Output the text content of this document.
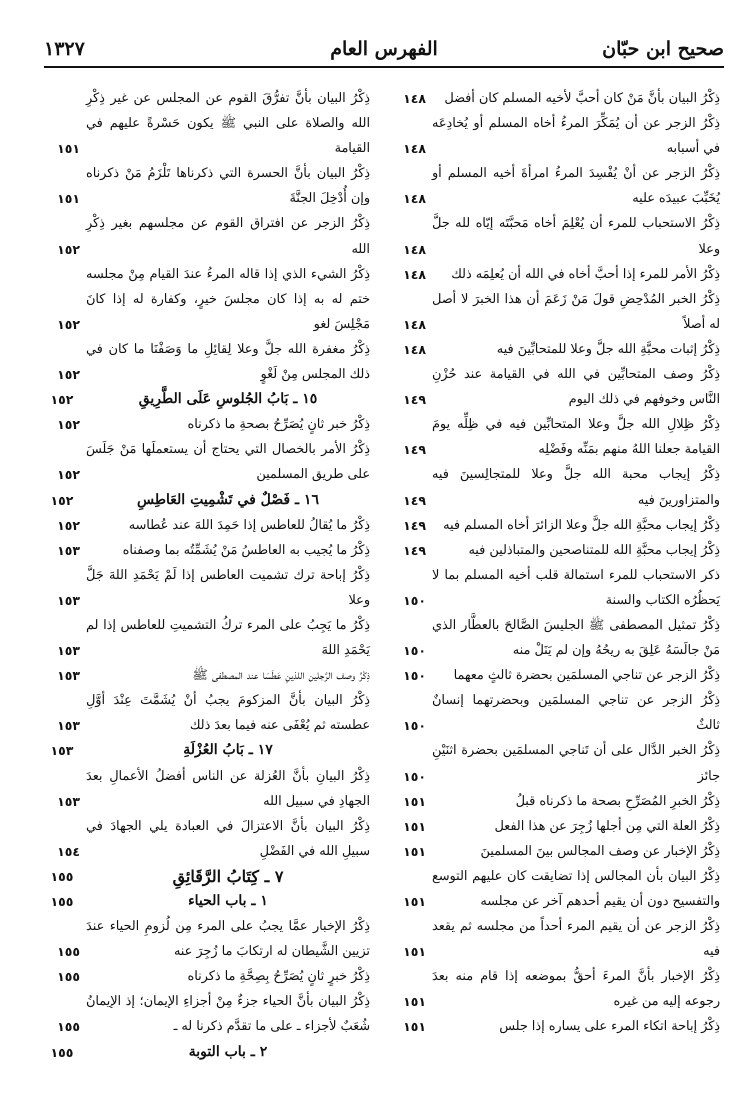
صحيح ابن حبّان
الفهرس العام
١٣٢٧
ذِكْرُ البيان بأنَّ مَنْ كان أحبَّ لأخيه المسلم كان أفضل
١٤٨
ذِكْرُ الزجر عن أن يُمَكِّرَ المرءُ أخاه المسلم أو يُخادِعَه في أسبابه
١٤٨
ذِكْرُ الزجر عن أنْ يُفْسِدَ المرءُ امرأةَ أخيه المسلم أو يُخَبِّبَ عبيدَه عليه
١٤٨
ذِكْرُ الاستحباب للمرء أن يُعْلِمَ أخاه مَحبَّتَه إيّاه لله جلَّ وعلا
١٤٨
ذِكْرُ الأمر للمرء إذا أحبَّ أخاه في الله أن يُعلِمَه ذلك
١٤٨
ذِكْرُ الخبر المُدْحِضِ قولَ مَنْ زَعَمَ أن هذا الخبرَ لا أصل له أصلاً
١٤٨
ذِكْرُ إثبات محبَّةِ الله جلَّ وعلا للمتحابِّينَ فيه
١٤٨
ذِكْرُ وصف المتحابِّين في الله في القيامة عند حُزْنِ النَّاس وخوفهم في ذلك اليوم
١٤٩
ذِكْرُ ظِلالِ الله جلَّ وعلا المتحابِّين فيه في ظِلِّه يومَ القيامة جعلنا اللهُ منهم بمَنِّه وفَضْلِه
١٤٩
ذِكْرُ إيجاب محبة الله جلَّ وعلا للمتجالِسينَ فيه والمتزاورينَ فيه
١٤٩
ذِكْرُ إيجاب محبَّةِ الله جلَّ وعلا الزائرَ أخاه المسلم فيه
١٤٩
ذِكْرُ إيجاب محبَّةِ الله للمتناصحين والمتباذلين فيه
١٤٩
ذكر الاستحباب للمرء استمالة قلب أخيه المسلم بما لا يَحظُرُه الكتاب والسنة
١٥٠
ذِكْرُ تمثيل المصطفى ﷺ الجليسَ الصَّالحَ بالعطَّار الذي مَنْ جالَسَهُ عَلِقَ به ريحُهُ وإن لم يَنَلْ منه
١٥٠
ذِكْرُ الزجر عن تناجي المسلمَين بحضرة ثالثٍ معهما
١٥٠
ذِكْرُ الزجر عن تناجي المسلمَين وبحضرتهما إنسانٌ ثالثٌ
١٥٠
ذِكْرُ الخبر الدَّال على أن تَناجي المسلمَين بحضرة اثنَيْنِ جائز
١٥٠
ذِكْرُ الخبرِ المُصَرِّحِ بصحة ما ذكرناه قبلُ
١٥١
ذِكْرُ العلة التي مِن أجلها زُجِرَ عن هذا الفعل
١٥١
ذِكْرُ الإخبار عن وصف المجالس بينَ المسلمينَ
١٥١
ذِكْرُ البيان بأن المجالس إذا تضايقت كان عليهم التوسع والتفسيح دون أن يقيم أحدهم آخر عن مجلسه
١٥١
ذِكْرُ الزجر عن أن يقيم المرء أحداً من مجلسه ثم يقعد فيه
١٥١
ذِكْرُ الإخبار بأنَّ المرءَ أحقُّ بموضعه إذا قام منه بعدَ رجوعه إليه من غيره
١٥١
ذِكْرُ إباحة اتكاء المرء على يساره إذا جلس
١٥١
ذِكْرُ البيان بأنَّ تفرُّقَ القوم عن المجلس عن غير ذِكْرِ الله والصلاة على النبي ﷺ يكون حَسْرةً عليهم في القيامة
١٥١
ذِكْرُ البيان بأنَّ الحسرة التي ذكرناها تَلْزَمُ مَنْ ذكرناه وإن أُدْخِلَ الجنَّةَ
١٥١
ذِكْرُ الزجر عن افتراق القوم عن مجلسهم بغير ذِكْرِ الله
١٥٢
ذِكْرُ الشيء الذي إذا قاله المرءُ عندَ القيام مِنْ مجلسه ختم له به إذا كان مجلسَ خيرٍ، وكفارة له إذا كانَ مَجْلِسَ لغو
١٥٢
ذِكْرُ مغفرة الله جلَّ وعلا لِقائِلِ ما وَصَفْنَا ما كان في ذلك المجلس مِنْ لَغْوٍ
١٥٢
١٥ ـ بَابُ الجُلوسِ عَلَى الطَّرِيقِ
١٥٢
ذِكْرُ خبر ثانٍ يُصَرِّحُ بصحةِ ما ذكرناه
١٥٢
ذِكْرُ الأمر بالخصال التي يحتاج أن يستعملَها مَنْ جَلَسَ على طريق المسلمين
١٥٢
١٦ ـ فَصْلٌ في تَشْمِيتِ العَاطِسِ
١٥٢
ذِكْرُ ما يُقالُ للعاطس إذا حَمِدَ اللهَ عند عُطاسه
١٥٢
ذِكْرُ ما يُجيب به العاطسُ مَنْ يُشَمِّتُه بما وصفناه
١٥٣
ذِكْرُ إباحة ترك تشميت العاطس إذا لَمْ يَحْمَدِ اللهَ جَلَّ وعلا
١٥٣
ذِكْرُ ما يَجِبُ على المرء تركُ التشميتِ للعاطس إذا لم يَحْمَدِ اللهَ
١٥٣
ذِكْرُ وصف الرَّجلين اللذينِ عَطَسَا عند المصطفى ﷺ
١٥٣
ذِكْرُ البيان بأنَّ المزكومَ يجبُ أنْ يُشَمَّتَ عِنْدَ أوَّلِ عطسته ثم يُعْفَى عنه فيما بعدَ ذلك
١٥٣
١٧ ـ بَابُ العُزْلَةِ
١٥٣
ذِكْرُ البيانِ بأنَّ العُزلة عن الناس أفضلُ الأعمالِ بعدَ الجهادِ في سبيل الله
١٥٣
ذِكْرُ البيان بأنَّ الاعتزالَ في العبادة يلي الجهادَ في سبيلِ الله في الفَضْلِ
١٥٤
٧ ـ كِتَابُ الرَّقَائِقِ
١٥٥
١ ـ باب الحياء
١٥٥
ذِكْرُ الإخبار عمَّا يجبُ على المرء مِن لُزومِ الحياء عندَ تزيين الشَّيطان له ارتكابَ ما زُجِرَ عنه
١٥٥
ذِكْرُ خبرٍ ثانٍ يُصَرِّحُ بِصِحَّةِ ما ذكرناه
١٥٥
ذِكْرُ البيان بأنَّ الحياء جزءٌ مِنْ أجزاءِ الإيمان؛ إذ الإيمانُ شُعَبٌ لأجزاء ـ على ما تقدَّم ذكرنا له ـ
١٥٥
٢ ـ باب التوبة
١٥٥
